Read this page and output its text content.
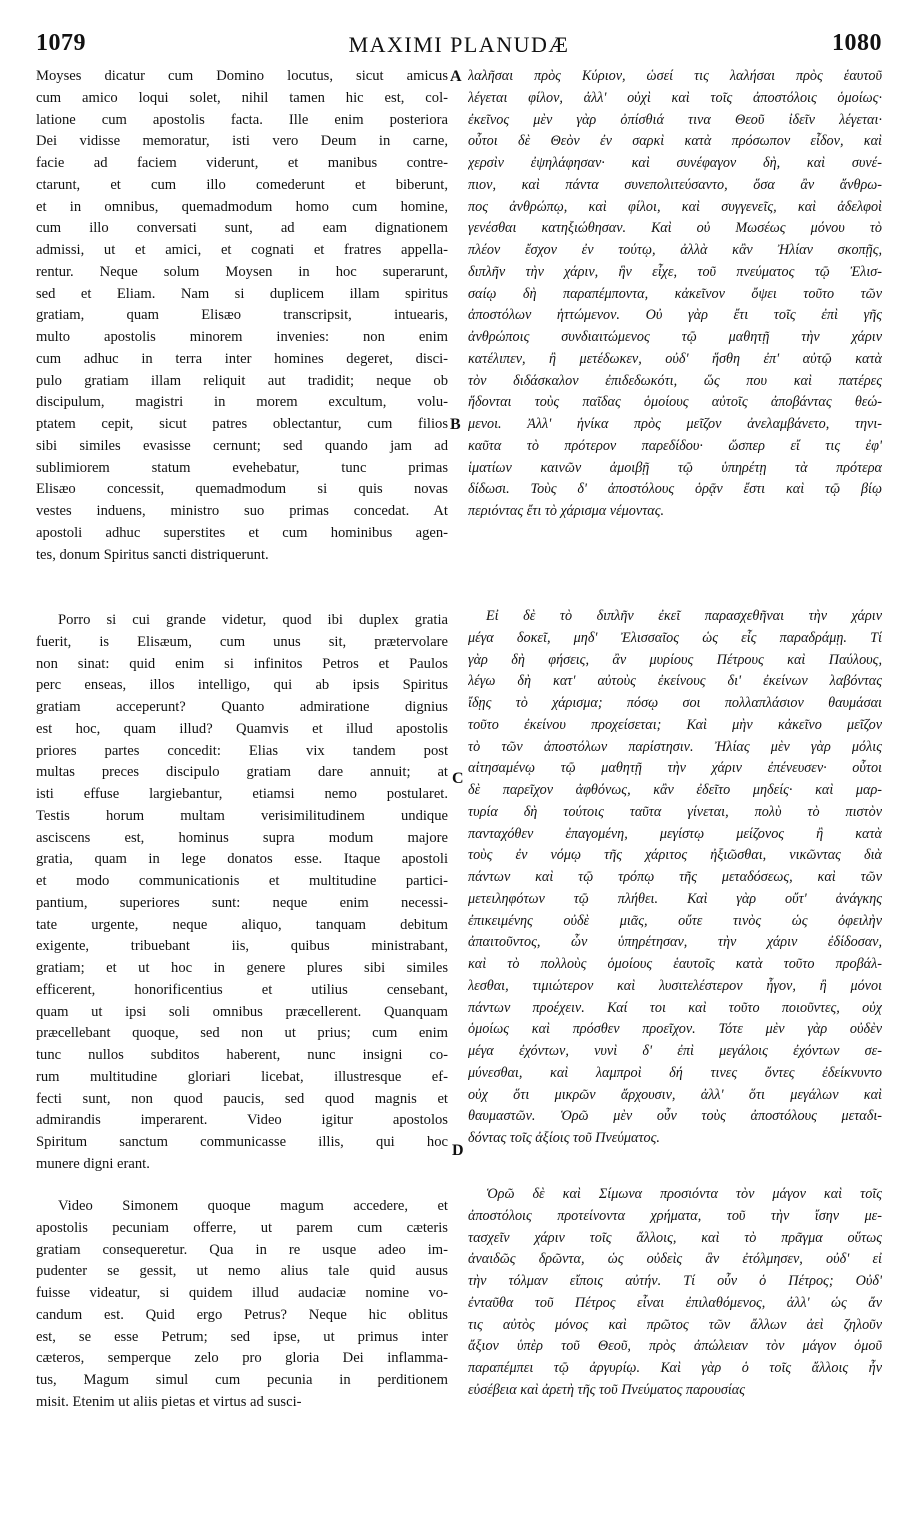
1079	MAXIMI PLANUDÆ	1080
Moyses dicatur cum Domino locutus, sicut amicus
cum amico loqui solet, nihil tamen hic est, col-
latione cum apostolis facta. Ille enim posteriora
Dei vidisse memoratur, isti vero Deum in carne,
facie ad faciem viderunt, et manibus contre-
ctarunt, et cum illo comederunt et biberunt,
et in omnibus, quemadmodum homo cum homine,
cum illo conversati sunt, ad eam dignationem
admissi, ut et amici, et cognati et fratres appella-
rentur. Neque solum Moysen in hoc superarunt,
sed et Eliam. Nam si duplicem illam spiritus
gratiam, quam Elisæo transcripsit, intuearis,
multo apostolis minorem invenies: non enim
cum adhuc in terra inter homines degeret, disci-
pulo gratiam illam reliquit aut tradidit; neque ob
discipulum, magistri in morem excultum, volu-
ptatem cepit, sicut patres oblectantur, cum filios
sibi similes evasisse cernunt; sed quando jam ad
sublimiorem statum evehebatur, tunc primas
Elisæo concessit, quemadmodum si quis novas
vestes induens, ministro suo primas concedat. At
apostoli adhuc superstites et cum hominibus agen-
tes, donum Spiritus sancti distriquerunt.
Porro si cui grande videtur, quod ibi duplex gratia
fuerit, is Elisæum, cum unus sit, prætervolare
non sinat: quid enim si infinitos Petros et Paulos
perc enseas, illos intelligo, qui ab ipsis Spiritus
gratiam acceperunt? Quanto admiratione dignius
est hoc, quam illud? Quamvis et illud apostolis
priores partes concedit: Elias vix tandem post
multas preces discipulo gratiam dare annuit; at
isti effuse largiebantur, etiamsi nemo postularet.
Testis horum multam verisimilitudinem undique
asciscens est, hominus supra modum majore
gratia, quam in lege donatos esse. Itaque apostoli
et modo communicationis et multitudine partici-
pantium, superiores sunt: neque enim necessi-
tate urgente, neque aliquo, tanquam debitum
exigente, tribuebant iis, quibus ministrabant,
gratiam; et ut hoc in genere plures sibi similes
efficerent, honorificentius et utilius censebant,
quam ut ipsi soli omnibus præcellerent. Quanquam
præcellebant quoque, sed non ut prius; cum enim
tunc nullos subditos haberent, nunc insigni co-
rum multitudine gloriari licebat, illustresque ef-
fecti sunt, non quod paucis, sed quod magnis et
admirandis imperarent. Video igitur apostolos
Spiritum sanctum communicasse illis, qui hoc
munere digni erant.
Video Simonem quoque magum accedere, et
apostolis pecuniam offerre, ut parem cum cæteris
gratiam consequeretur. Qua in re usque adeo im-
pudenter se gessit, ut nemo alius tale quid ausus
fuisse videatur, si quidem illud audaciæ nomine vo-
candum est. Quid ergo Petrus? Neque hic oblitus
est, se esse Petrum; sed ipse, ut primus inter
cæteros, semperque zelo pro gloria Dei inflamma-
tus, Magum simul cum pecunia in perditionem
misit. Etenim ut aliis pietas et virtus ad susci-
λαλῆσαι πρὸς Κύριον, ὡσεί τις λαλήσαι πρὸς ἑαυτοῦ
λέγεται φίλον, ἀλλ' οὐχὶ καὶ τοῖς ἀποστόλοις ὁμοίως·
ἐκεῖνος μὲν γὰρ ὀπίσθιά τινα Θεοῦ ἰδεῖν λέγεται·
οὗτοι δὲ Θεὸν ἐν σαρκὶ κατὰ πρόσωπον εἶδον, καὶ
χερσὶν ἐψηλάφησαν· καὶ συνέφαγον δὴ, καὶ συνέ-
πιον, καὶ πάντα συνεπολιτεύσαντο, ὅσα ἂν ἄνθρω-
πος ἀνθρώπῳ, καὶ φίλοι, καὶ συγγενεῖς, καὶ ἀδελφοὶ
γενέσθαι κατηξιώθησαν. Καὶ οὐ Μωσέως μόνου τὸ
πλέον ἔσχον ἐν τούτῳ, ἀλλὰ κἂν Ἠλίαν σκοπῇς,
διπλῆν τὴν χάριν, ἣν εἶχε, τοῦ πνεύματος τῷ Ἐλισ-
σαίῳ δὴ παραπέμποντα, κἀκεῖνον ὄψει τοῦτο τῶν
ἀποστόλων ἡττώμενον. Οὐ γὰρ ἔτι τοῖς ἐπὶ γῆς
ἀνθρώποις συνδιαιτώμενος τῷ μαθητῇ τὴν χάριν
κατέλιπεν, ἢ μετέδωκεν, οὐδ' ἥσθη ἐπ' αὐτῷ κατὰ
τὸν διδάσκαλον ἐπιδεδωκότι, ὥς που καὶ πατέρες
ἥδονται τοὺς παῖδας ὁμοίους αὐτοῖς ἀποβάντας θεώ-
μενοι. Ἀλλ' ἡνίκα πρὸς μεῖζον ἀνελαμβάνετο, τηνι-
καῦτα τὸ πρότερον παρεδίδου· ὥσπερ εἴ τις ἐφ'
ἱματίων καινῶν ἀμοιβῇ τῷ ὑπηρέτῃ τὰ πρότερα
δίδωσι. Τοὺς δ' ἀποστόλους ὁρᾷν ἔστι καὶ τῷ βίῳ
περιόντας ἔτι τὸ χάρισμα νέμοντας.
Εἰ δὲ τὸ διπλῆν ἐκεῖ παρασχεθῆναι τὴν χάριν
μέγα δοκεῖ, μηδ' Ἐλισσαῖος ὡς εἷς παραδράμῃ. Τί
γὰρ δὴ φήσεις, ἂν μυρίους Πέτρους καὶ Παύλους,
λέγω δὴ κατ' αὐτοὺς ἐκείνους δι' ἐκείνων λαβόντας
ἴδῃς τὸ χάρισμα; πόσῳ σοι πολλαπλάσιον θαυμάσαι
τοῦτο ἐκείνου προχείσεται; Καὶ μὴν κἀκεῖνο μεῖζον
τὸ τῶν ἀποστόλων παρίστησιν. Ἠλίας μὲν γὰρ μόλις
αἰτησαμένῳ τῷ μαθητῇ τὴν χάριν ἐπένευσεν· οὗτοι
δὲ παρεῖχον ἀφθόνως, κἂν ἐδεῖτο μηδείς· καὶ μαρ-
τυρία δὴ τούτοις ταῦτα γίνεται, πολὺ τὸ πιστὸν
πανταχόθεν ἐπαγομένη, μεγίστῳ μείζονος ἢ κατὰ
τοὺς ἐν νόμῳ τῆς χάριτος ἠξιῶσθαι, νικῶντας διὰ
πάντων καὶ τῷ τρόπῳ τῆς μεταδόσεως, καὶ τῶν
μετειληφότων τῷ πλήθει. Καὶ γὰρ οὔτ' ἀνάγκης
ἐπικειμένης οὐδὲ μιᾶς, οὔτε τινὸς ὡς ὀφειλὴν
ἀπαιτοῦντος, ὧν ὑπηρέτησαν, τὴν χάριν ἐδίδοσαν,
καὶ τὸ πολλοὺς ὁμοίους ἑαυτοῖς κατὰ τοῦτο προβάλ-
λεσθαι, τιμιώτερον καὶ λυσιτελέστερον ἦγον, ἢ μόνοι
πάντων προέχειν. Καί τοι καὶ τοῦτο ποιοῦντες, οὐχ
ὁμοίως καὶ πρόσθεν προεῖχον. Τότε μὲν γὰρ οὐδὲν
μέγα ἐχόντων, νυνὶ δ' ἐπὶ μεγάλοις ἐχόντων σε-
μύνεσθαι, καὶ λαμπροὶ δή τινες ὄντες ἐδείκνυντο
οὐχ ὅτι μικρῶν ἄρχουσιν, ἀλλ' ὅτι μεγάλων καὶ
θαυμαστῶν. Ὁρῶ μὲν οὖν τοὺς ἀποστόλους μεταδι-
δόντας τοῖς ἀξίοις τοῦ Πνεύματος.
Ὁρῶ δὲ καὶ Σίμωνα προσιόντα τὸν μάγον καὶ τοῖς
ἀποστόλοις προτείνοντα χρήματα, τοῦ τὴν ἴσην με-
τασχεῖν χάριν τοῖς ἄλλοις, καὶ τὸ πρᾶγμα οὕτως
ἀναιδῶς δρῶντα, ὡς οὐδεὶς ἂν ἐτόλμησεν, οὐδ' εἰ
τὴν τόλμαν εἴποις αὐτήν. Τί οὖν ὁ Πέτρος; Οὐδ'
ἐνταῦθα τοῦ Πέτρος εἶναι ἐπιλαθόμενος, ἀλλ' ὡς ἄν
τις αὐτὸς μόνος καὶ πρῶτος τῶν ἄλλων ἀεὶ ζηλοῦν
ἄξιον ὑπὲρ τοῦ Θεοῦ, πρὸς ἀπώλειαν τὸν μάγον ὁμοῦ
παραπέμπει τῷ ἀργυρίῳ. Καὶ γὰρ ὁ τοῖς ἄλλοις ἦν
εὐσέβεια καὶ ἀρετὴ τῆς τοῦ Πνεύματος παρουσίας
A
B
C
D
